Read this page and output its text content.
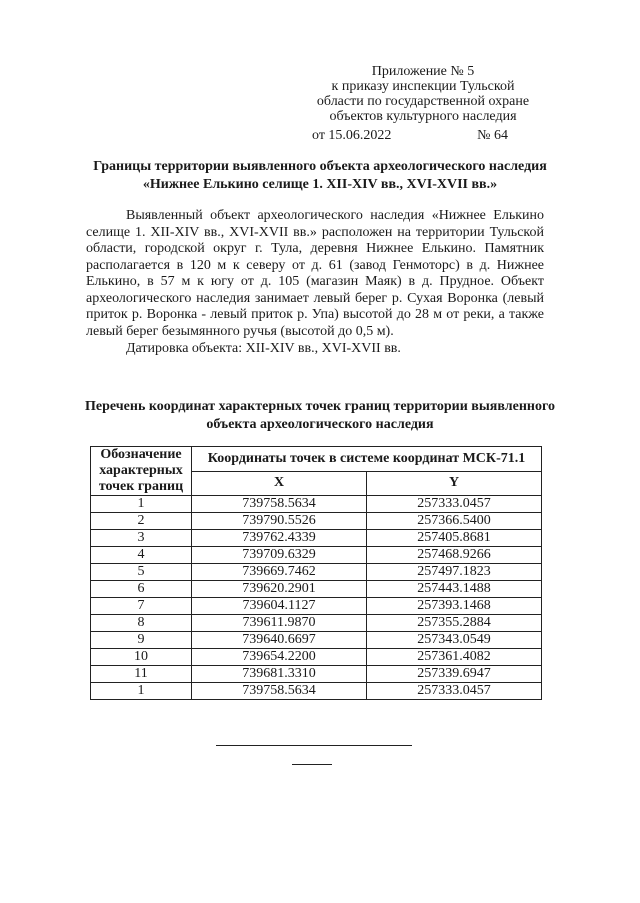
Приложение № 5
к приказу инспекции Тульской
области по государственной охране
объектов культурного наследия
от 15.06.2022	№ 64
Границы территории выявленного объекта археологического наследия «Нижнее Елькино селище 1. XII-XIV вв., XVI-XVII вв.»

Выявленный объект археологического наследия «Нижнее Елькино селище 1. XII-XIV вв., XVI-XVII вв.» расположен на территории Тульской области, городской округ г. Тула, деревня Нижнее Елькино. Памятник располагается в 120 м к северу от д. 61 (завод Генмоторс) в д. Нижнее Елькино, в 57 м к югу от д. 105 (магазин Маяк) в д. Прудное. Объект археологического наследия занимает левый берег р. Сухая Воронка (левый приток р. Воронка - левый приток р. Упа) высотой до 28 м от реки, а также левый берег безымянного ручья (высотой до 0,5 м).

Датировка объекта: XII-XIV вв., XVI-XVII вв.

Перечень координат характерных точек границ территории выявленного объекта археологического наследия
Обозначение характерных точек границ	Координаты точек в системе координат МСК-71.1	
	X	Y
1	739758.5634	257333.0457
2	739790.5526	257366.5400
3	739762.4339	257405.8681
4	739709.6329	257468.9266
5	739669.7462	257497.1823
6	739620.2901	257443.1488
7	739604.1127	257393.1468
8	739611.9870	257355.2884
9	739640.6697	257343.0549
10	739654.2200	257361.4082
11	739681.3310	257339.6947
1	739758.5634	257333.0457
